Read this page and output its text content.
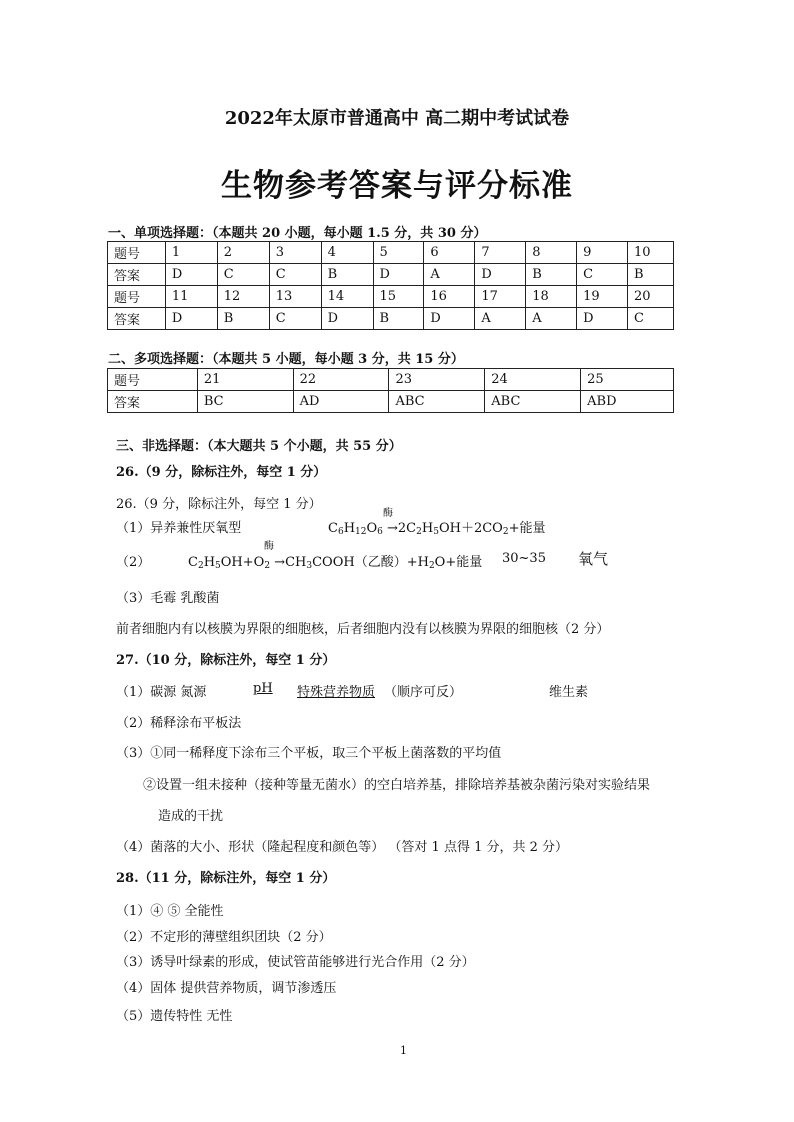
2022年太原市普通高中 高二期中考试试卷
生物参考答案与评分标准
一、单项选择题：（本题共 20 小题，每小题 1.5 分，共 30 分）
题号	1	2	3	4	5	6	7	8	9	10
答案	D	C	C	B	D	A	D	B	C	B
题号	11	12	13	14	15	16	17	18	19	20
答案	D	B	C	D	B	D	A	A	D	C
二、多项选择题：（本题共 5 小题，每小题 3 分，共 15 分）
题号	21	22	23	24	25
答案	BC	AD	ABC	ABC	ABD
三、非选择题：（本大题共 5 个小题，共 55 分）
26.（9 分，除标注外，每空 1 分）
26.（9 分，除标注外，每空 1 分）
（1）异养兼性厌氧型
酶
$C_6H_{12}O_6 \to 2C_2H_5OH+2CO_2+$能量
（2）
酶
$C_2H_5OH+O_2$ $\to CH_3COOH$（乙酸）$+H_2O+$能量 30~35 氧气
（3）毛霉 乳酸菌
前者细胞内有以核膜为界限的细胞核，后者细胞内没有以核膜为界限的细胞核（2 分）
27.（10 分，除标注外，每空 1 分）
（1）碳源 氮源	pH 特殊营养物质 （顺序可反）	维生素
（2）稀释涂布平板法
（3）①同一稀释度下涂布三个平板，取三个平板上菌落数的平均值
②设置一组未接种（接种等量无菌水）的空白培养基，排除培养基被杂菌污染对实验结果
造成的干扰
（4）菌落的大小、形状（隆起程度和颜色等） （答对 1 点得 1 分，共 2 分）
28.（11 分，除标注外，每空 1 分）
（1）④ ⑤ 全能性
（2）不定形的薄壁组织团块（2 分）
（3）诱导叶绿素的形成，使试管苗能够进行光合作用（2 分）
（4）固体 提供营养物质，调节渗透压
（5）遗传特性 无性
1
